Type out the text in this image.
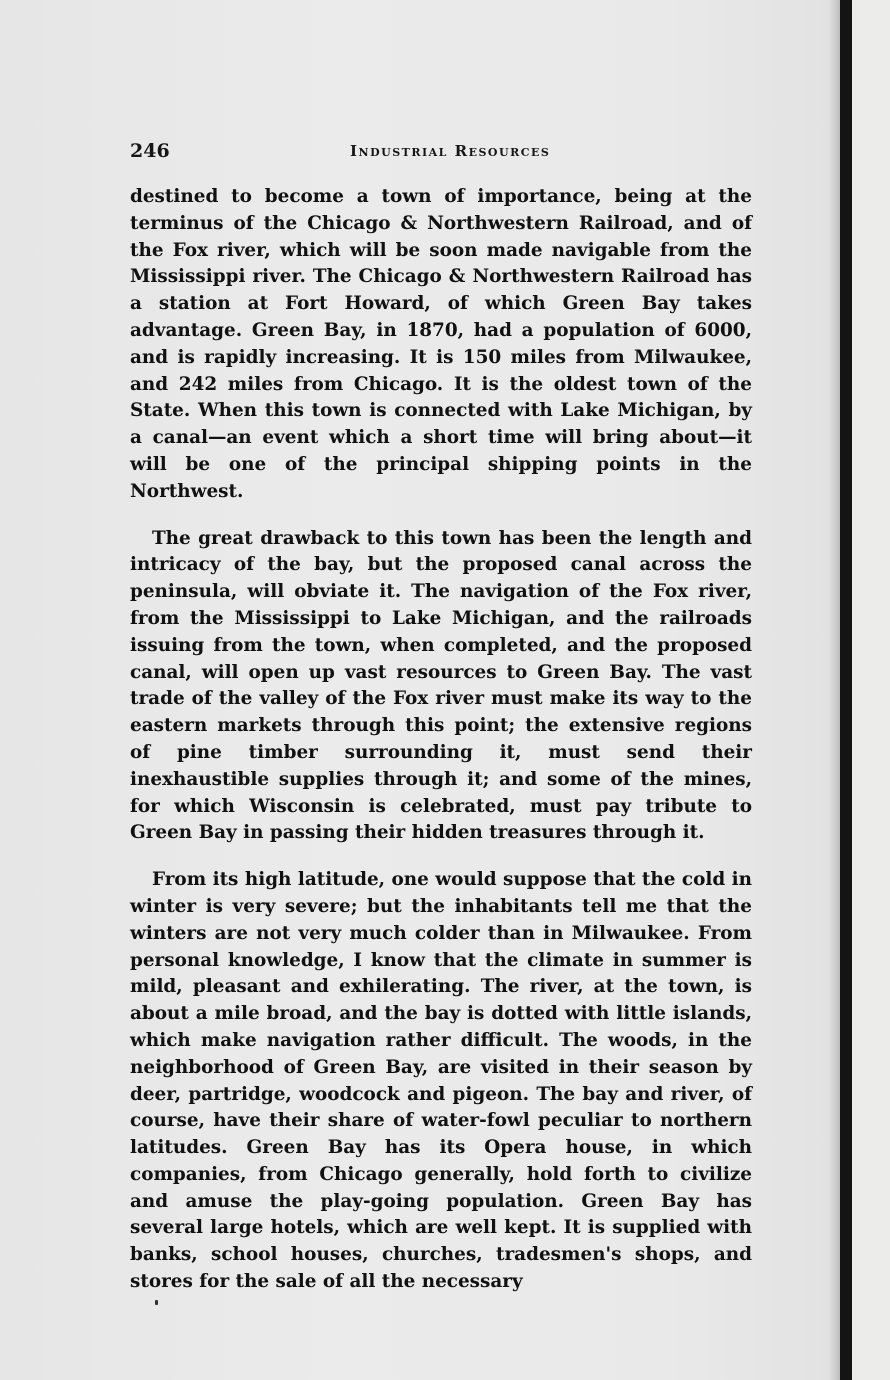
246	Industrial Resources

destined to become a town of importance, being at the terminus of the Chicago & Northwestern Railroad, and of the Fox river, which will be soon made navigable from the Mississippi river. The Chicago & Northwestern Railroad has a station at Fort Howard, of which Green Bay takes advantage. Green Bay, in 1870, had a population of 6000, and is rapidly increasing. It is 150 miles from Milwaukee, and 242 miles from Chicago. It is the oldest town of the State. When this town is connected with Lake Michigan, by a canal—an event which a short time will bring about—it will be one of the principal shipping points in the Northwest.

The great drawback to this town has been the length and intricacy of the bay, but the proposed canal across the peninsula, will obviate it. The navigation of the Fox river, from the Mississippi to Lake Michigan, and the railroads issuing from the town, when completed, and the proposed canal, will open up vast resources to Green Bay. The vast trade of the valley of the Fox river must make its way to the eastern markets through this point; the extensive regions of pine timber surrounding it, must send their inexhaustible supplies through it; and some of the mines, for which Wisconsin is celebrated, must pay tribute to Green Bay in passing their hidden treasures through it.

From its high latitude, one would suppose that the cold in winter is very severe; but the inhabitants tell me that the winters are not very much colder than in Milwaukee. From personal knowledge, I know that the climate in summer is mild, pleasant and exhilerating. The river, at the town, is about a mile broad, and the bay is dotted with little islands, which make navigation rather difficult. The woods, in the neighborhood of Green Bay, are visited in their season by deer, partridge, woodcock and pigeon. The bay and river, of course, have their share of water-fowl peculiar to northern latitudes. Green Bay has its Opera house, in which companies, from Chicago generally, hold forth to civilize and amuse the play-going population. Green Bay has several large hotels, which are well kept. It is supplied with banks, school houses, churches, tradesmen's shops, and stores for the sale of all the necessary
